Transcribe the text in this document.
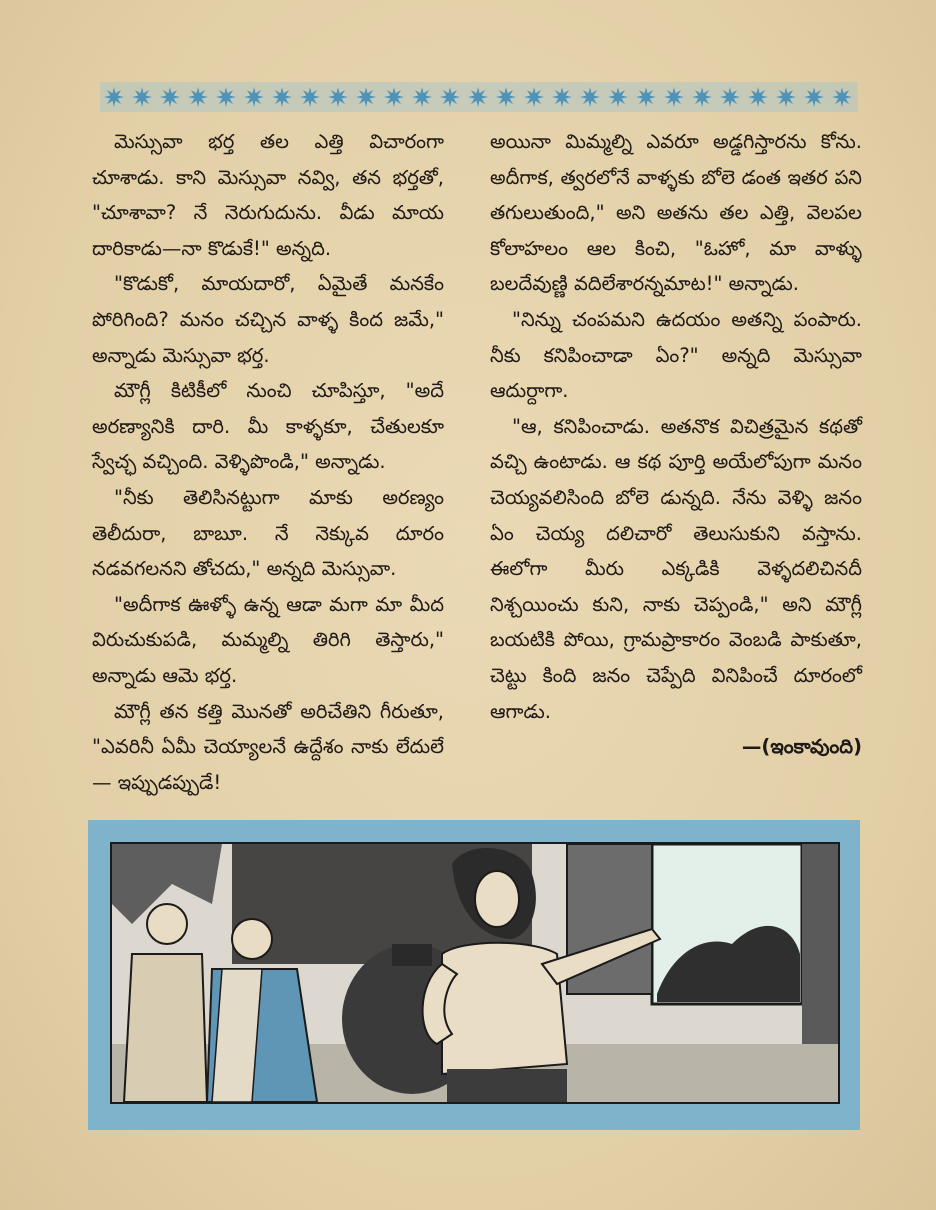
మెస్సువా భర్త తల ఎత్తి విచారంగా చూశాడు. కాని మెస్సువా నవ్వి, తన భర్తతో, "చూశావా? నే నెరుగుదును. వీడు మాయ దారికాడు—నా కొడుకే!" అన్నది.

"కొడుకో, మాయదారో, ఏమైతే మనకేం పోరిగింది? మనం చచ్చిన వాళ్ళ కింద జమే," అన్నాడు మెస్సువా భర్త.

మౌగ్లీ కిటికీలో నుంచి చూపిస్తూ, "అదే అరణ్యానికి దారి. మీ కాళ్ళకూ, చేతులకూ స్వేచ్ఛ వచ్చింది. వెళ్ళిపొండి," అన్నాడు.

"నీకు తెలిసినట్టుగా మాకు అరణ్యం తెలీదురా, బాబూ. నే నెక్కువ దూరం నడవగలనని తోచదు," అన్నది మెస్సువా.

"అదీగాక ఊళ్ళో ఉన్న ఆడా మగా మా మీద విరుచుకుపడి, మమ్మల్ని తిరిగి తెస్తారు," అన్నాడు ఆమె భర్త.

మౌగ్లీ తన కత్తి మొనతో అరిచేతిని గీరుతూ, "ఎవరినీ ఏమీ చెయ్యాలనే ఉద్దేశం నాకు లేదులే — ఇప్పుడప్పుడే!

అయినా మిమ్మల్ని ఎవరూ అడ్డగిస్తారను కోను. అదీగాక, త్వరలోనే వాళ్ళకు బోలె డంత ఇతర పని తగులుతుంది," అని అతను తల ఎత్తి, వెలపల కోలాహలం ఆల కించి, "ఓహో, మా వాళ్ళు బలదేవుణ్ణి వదిలేశారన్నమాట!" అన్నాడు.

"నిన్ను చంపమని ఉదయం అతన్ని పంపారు. నీకు కనిపించాడా ఏం?" అన్నది మెస్సువా ఆదుర్దాగా.

"ఆ, కనిపించాడు. అతనొక విచిత్రమైన కథతో వచ్చి ఉంటాడు. ఆ కథ పూర్తి అయేలోపుగా మనం చెయ్యవలిసింది బోలె డున్నది. నేను వెళ్ళి జనం ఏం చెయ్య దలిచారో తెలుసుకుని వస్తాను. ఈలోగా మీరు ఎక్కడికి వెళ్ళదలిచినదీ నిశ్చయించు కుని, నాకు చెప్పండి," అని మౌగ్లీ బయటికి పోయి, గ్రామప్రాకారం వెంబడి పాకుతూ, చెట్టు కింది జనం చెప్పేది వినిపించే దూరంలో ఆగాడు.

—(ఇంకావుంది)
